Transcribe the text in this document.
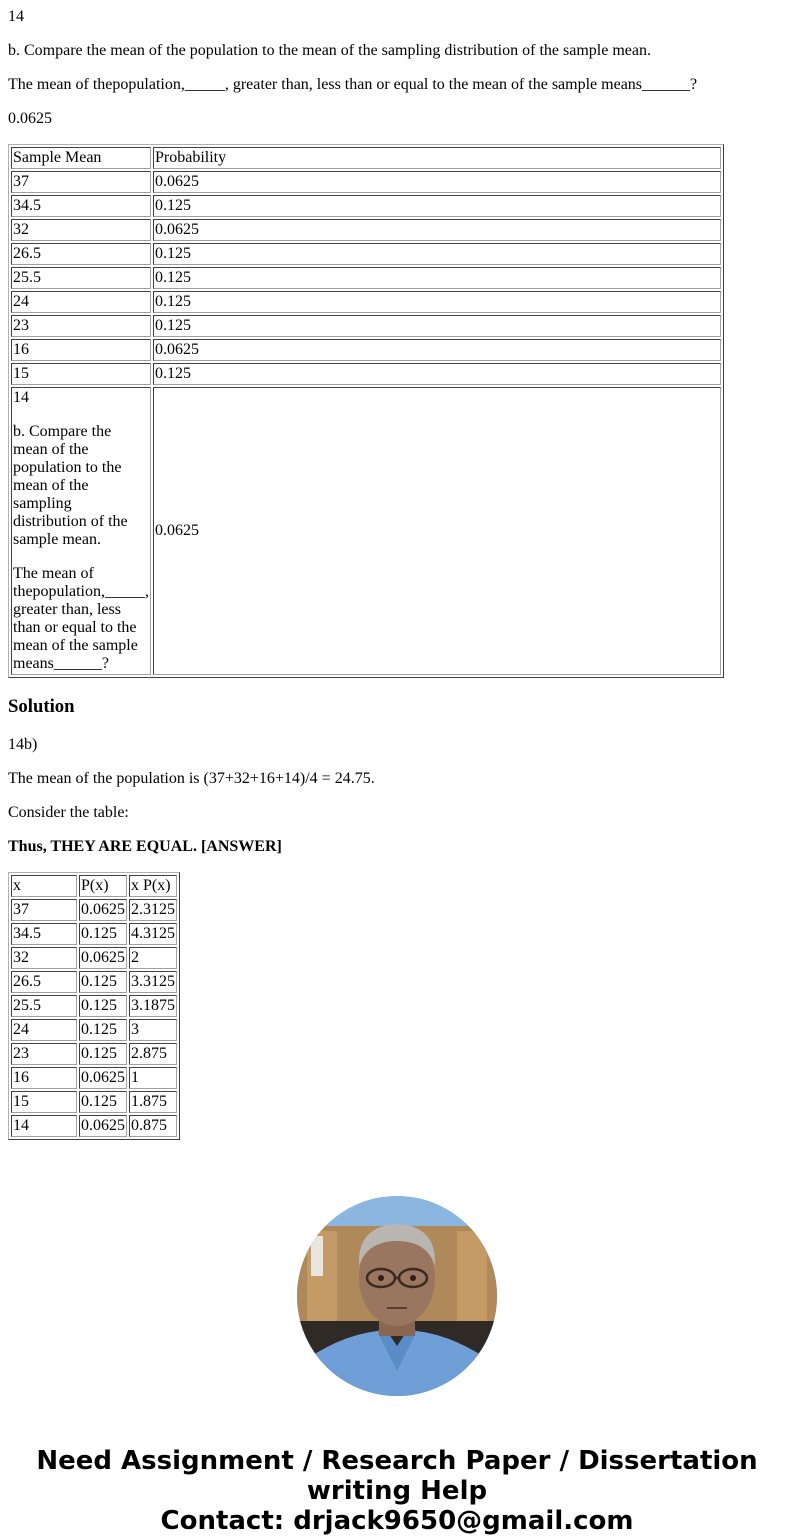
14

b. Compare the mean of the population to the mean of the sampling distribution of the sample mean.

The mean of thepopulation,_____, greater than, less than or equal to the mean of the sample means______?

0.0625

Sample Mean	Probability
37	0.0625
34.5	0.125
32	0.0625
26.5	0.125
25.5	0.125
24	0.125
23	0.125
16	0.0625
15	0.125

14
b. Compare the mean of the population to the mean of the sampling distribution of the sample mean.
The mean of thepopulation,_____, greater than, less than or equal to the mean of the sample means______?	0.0625
Solution

14b)

The mean of the population is (37+32+16+14)/4 = 24.75.

Consider the table:

Thus, THEY ARE EQUAL. [ANSWER]

x	P(x)	x P(x)
37	0.0625	2.3125
34.5	0.125	4.3125
32	0.0625	2
26.5	0.125	3.3125
25.5	0.125	3.1875
24	0.125	3
23	0.125	2.875
16	0.0625	1
15	0.125	1.875
14	0.0625	0.875
Need Assignment / Research Paper / Dissertation
writing Help
Contact: drjack9650@gmail.com
